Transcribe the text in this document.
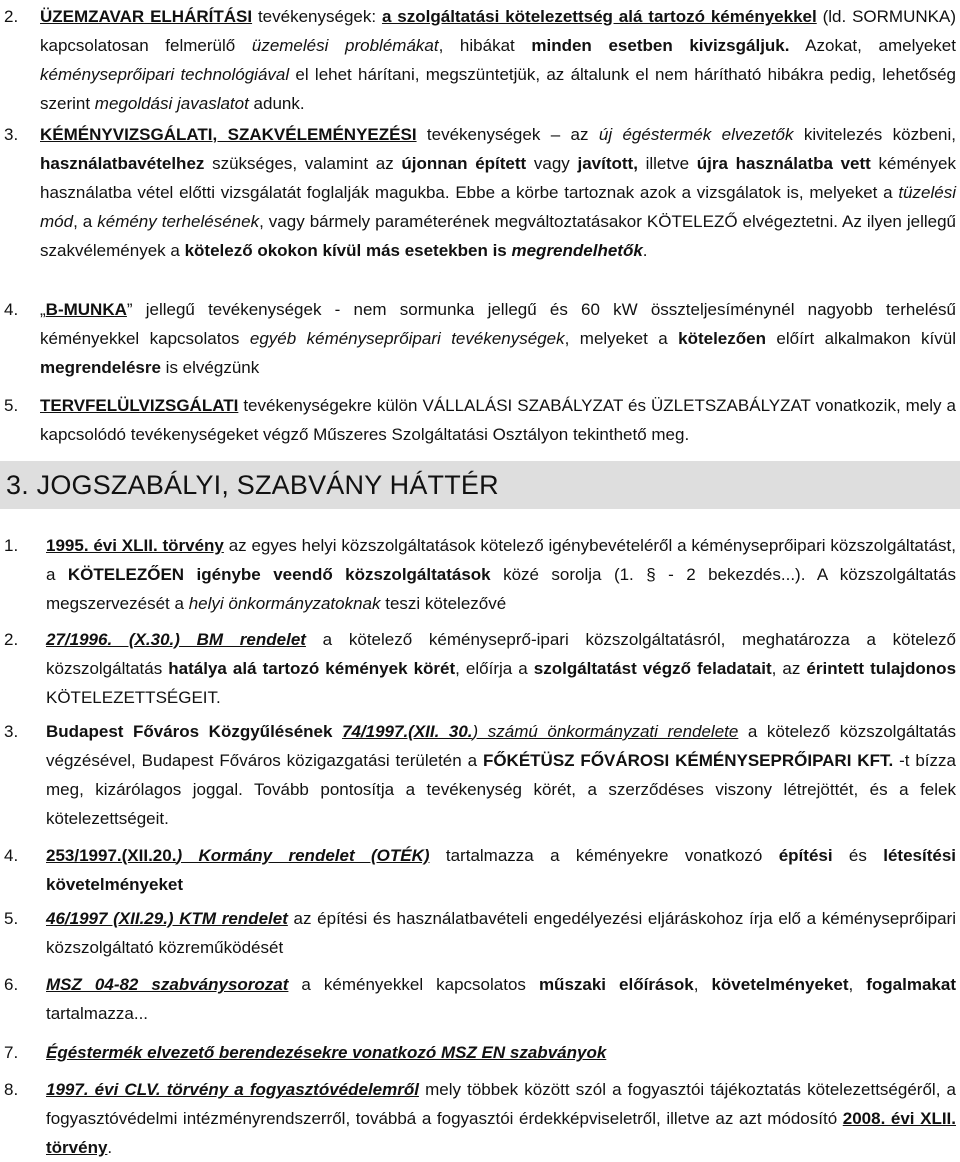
2. ÜZEMZAVAR ELHÁRÍTÁSI tevékenységek: a szolgáltatási kötelezettség alá tartozó kéményekkel (ld. SORMUNKA) kapcsolatosan felmerülő üzemelési problémákat, hibákat minden esetben kivizsgáljuk. Azokat, amelyeket kéményseprőipari technológiával el lehet hárítani, megszüntetjük, az általunk el nem hárítható hibákra pedig, lehetőség szerint megoldási javaslatot adunk.
3. KÉMÉNYVIZSGÁLATI, SZAKVÉLEMÉNYEZÉSI tevékenységek – az új égéstermék elvezetők kivitelezés közbeni, használatbavételhez szükséges, valamint az újonnan épített vagy javított, illetve újra használatba vett kémények használatba vétel előtti vizsgálatát foglalják magukba. Ebbe a körbe tartoznak azok a vizsgálatok is, melyeket a tüzelési mód, a kémény terhelésének, vagy bármely paraméterének megváltoztatásakor KÖTELEZŐ elvégeztetni. Az ilyen jellegű szakvélemények a kötelező okokon kívül más esetekben is megrendelhetők.
4. „B-MUNKA” jellegű tevékenységek - nem sormunka jellegű és 60 kW összteljesíménynél nagyobb terhelésű kéményekkel kapcsolatos egyéb kéményseprőipari tevékenységek, melyeket a kötelezően előírt alkalmakon kívül megrendelésre is elvégzünk
5. TERVFELÜLVIZSGÁLATI tevékenységekre külön VÁLLALÁSI SZABÁLYZAT és ÜZLETSZABÁLYZAT vonatkozik, mely a kapcsolódó tevékenységeket végző Műszeres Szolgáltatási Osztályon tekinthető meg.
3. JOGSZABÁLYI, SZABVÁNY HÁTTÉR
1. 1995. évi XLII. törvény az egyes helyi közszolgáltatások kötelező igénybevételéről a kéményseprőipari közszolgáltatást, a KÖTELEZŐEN igénybe veendő közszolgáltatások közé sorolja (1. § - 2 bekezdés...). A közszolgáltatás megszervezését a helyi önkormányzatoknak teszi kötelezővé
2. 27/1996. (X.30.) BM rendelet a kötelező kéményseprő-ipari közszolgáltatásról, meghatározza a kötelező közszolgáltatás hatálya alá tartozó kémények körét, előírja a szolgáltatást végző feladatait, az érintett tulajdonos KÖTELEZETTSÉGEIT.
3. Budapest Főváros Közgyűlésének 74/1997.(XII. 30.) számú önkormányzati rendelete a kötelező közszolgáltatás végzésével, Budapest Főváros közigazgatási területén a FŐKÉTÜSZ FŐVÁROSI KÉMÉNYSEPRŐIPARI KFT. -t bízza meg, kizárólagos joggal. Tovább pontosítja a tevékenység körét, a szerződéses viszony létrejöttét, és a felek kötelezettségeit.
4. 253/1997.(XII.20.) Kormány rendelet (OTÉK) tartalmazza a kéményekre vonatkozó építési és létesítési követelményeket
5. 46/1997 (XII.29.) KTM rendelet az építési és használatbavételi engedélyezési eljáráskohoz írja elő a kéményseprőipari közszolgáltató közreműködését
6. MSZ 04-82 szabványsorozat a kéményekkel kapcsolatos műszaki előírások, követelményeket, fogalmakat tartalmazza...
7. Égéstermék elvezető berendezésekre vonatkozó MSZ EN szabványok
8. 1997. évi CLV. törvény a fogyasztóvédelemről mely többek között szól a fogyasztói tájékoztatás kötelezettségéről, a fogyasztóvédelmi intézményrendszerről, továbbá a fogyasztói érdekképviseletről, illetve az azt módosító 2008. évi XLII. törvény.
